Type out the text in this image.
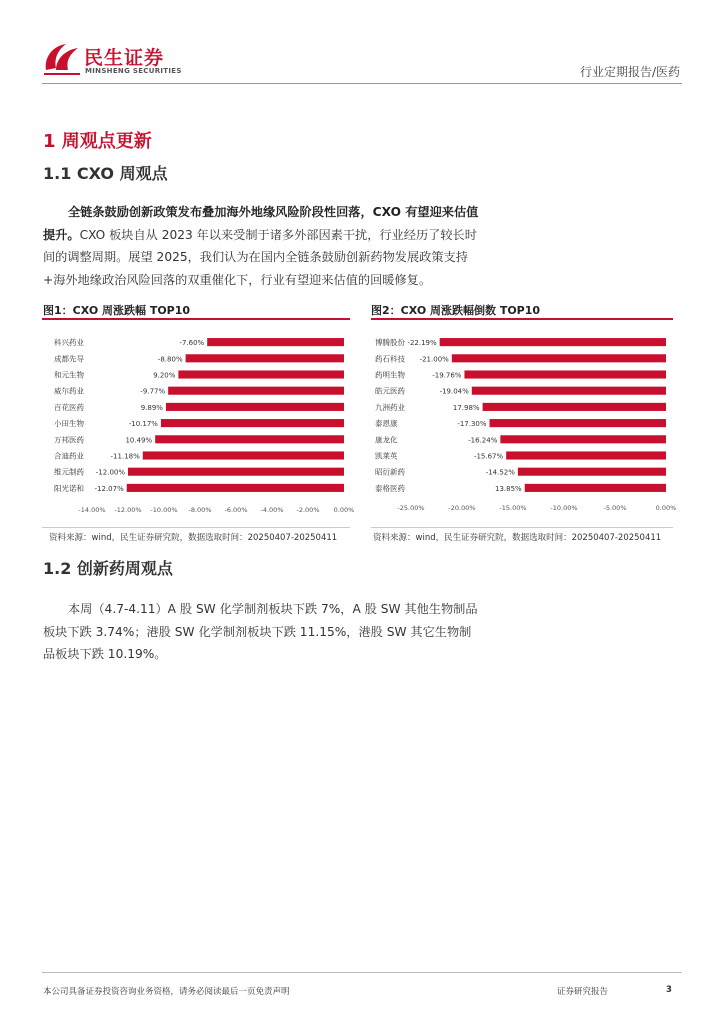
民生证券
MINSHENG SECURITIES	行业定期报告/医药
1 周观点更新
1.1 CXO 周观点
全链条鼓励创新政策发布叠加海外地缘风险阶段性回落，CXO 有望迎来估值提升。CXO 板块自从 2023 年以来受制于诸多外部因素干扰，行业经历了较长时间的调整周期。展望 2025，我们认为在国内全链条鼓励创新药物发展政策支持+海外地缘政治风险回落的双重催化下，行业有望迎来估值的回暖修复。
图1：CXO 周涨跌幅 TOP10
科兴药业	-7.60%
成都先导	-8.80%
和元生物	9.20%
威尔药业	-9.77%
百花医药	9.89%
小田生物	-10.17%
万邦医药	10.49%
合迪药业	-11.18%
维元制药 -12.00%
阳光诺和 -12.07%
-14.00% -12.00% -10.00% -8.00% -6.00% -4.00% -2.00% 0.00%
资料来源：wind，民生证券研究院，数据选取时间：20250407-20250411
图2：CXO 周涨跌幅倒数 TOP10
博腾股份 -22.19%
药石科技 -21.00%
药明生物	-19.76%
皓元医药	-19.04%
九洲药业	17.98%
泰恩康	-17.30%
康龙化	-16.24%
凯莱英	-15.67%
昭衍新药	-14.52%
泰格医药	13.85%
-25.00%	-20.00%	-15.00%	-10.00%	-5.00%	0.00%
资料来源：wind，民生证券研究院，数据选取时间：20250407-20250411
1.2 创新药周观点
本周（4.7-4.11）A 股 SW 化学制剂板块下跌 7%，A 股 SW 其他生物制品板块下跌 3.74%；港股 SW 化学制剂板块下跌 11.15%，港股 SW 其它生物制品板块下跌 10.19%。
本公司具备证券投资咨询业务资格，请务必阅读最后一页免责声明	证券研究报告	3
